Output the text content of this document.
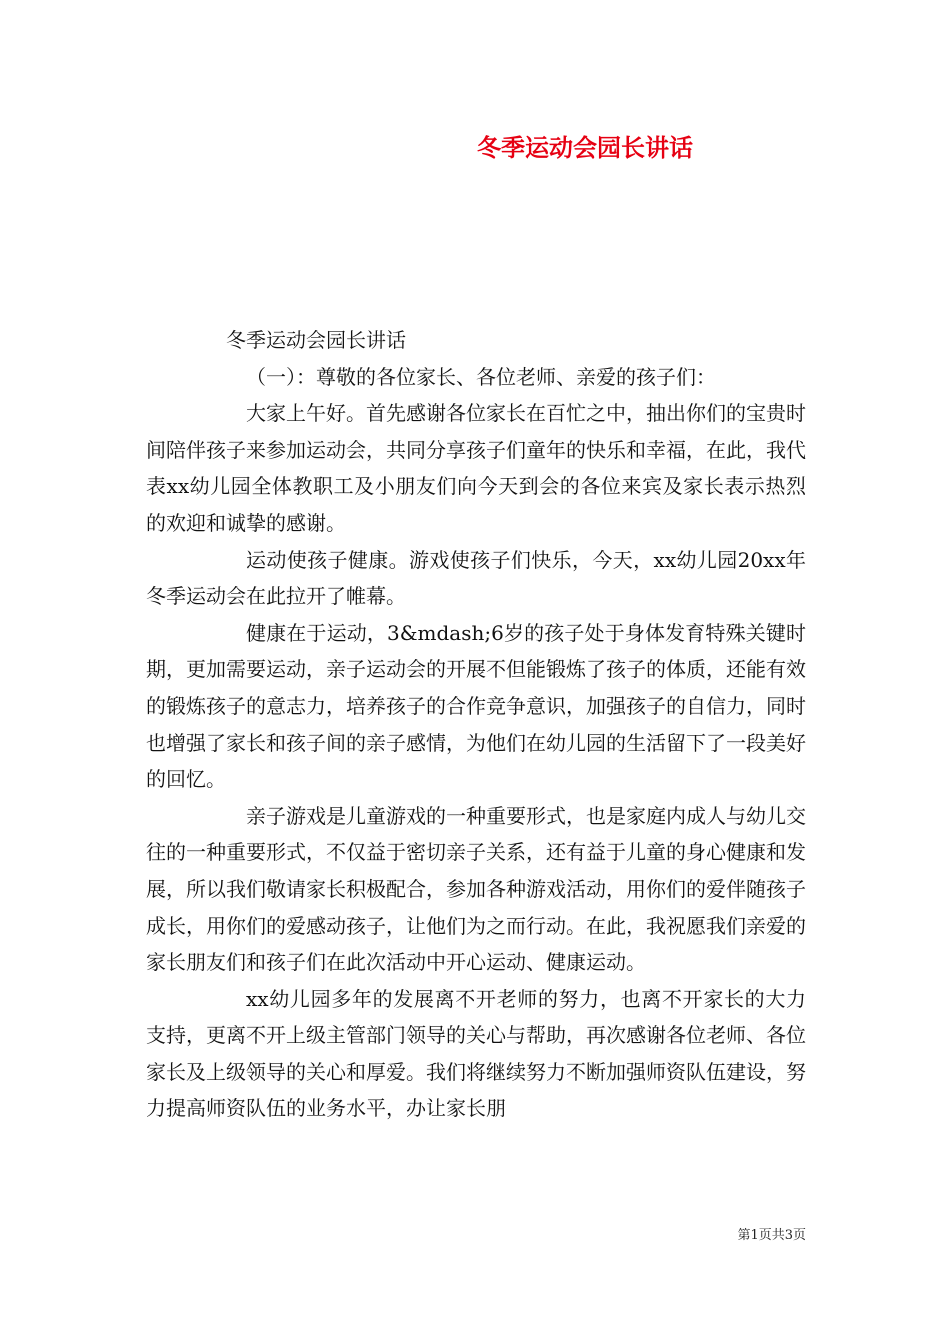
冬季运动会园长讲话

冬季运动会园长讲话

（一）：尊敬的各位家长、各位老师、亲爱的孩子们：

大家上午好。首先感谢各位家长在百忙之中，抽出你们的宝贵时间陪伴孩子来参加运动会，共同分享孩子们童年的快乐和幸福，在此，我代表xx幼儿园全体教职工及小朋友们向今天到会的各位来宾及家长表示热烈的欢迎和诚挚的感谢。

运动使孩子健康。游戏使孩子们快乐，今天，xx幼儿园20xx年冬季运动会在此拉开了帷幕。

健康在于运动，3&mdash;6岁的孩子处于身体发育特殊关键时期，更加需要运动，亲子运动会的开展不但能锻炼了孩子的体质，还能有效的锻炼孩子的意志力，培养孩子的合作竞争意识，加强孩子的自信力，同时也增强了家长和孩子间的亲子感情，为他们在幼儿园的生活留下了一段美好的回忆。

亲子游戏是儿童游戏的一种重要形式，也是家庭内成人与幼儿交往的一种重要形式，不仅益于密切亲子关系，还有益于儿童的身心健康和发展，所以我们敬请家长积极配合，参加各种游戏活动，用你们的爱伴随孩子成长，用你们的爱感动孩子，让他们为之而行动。在此，我祝愿我们亲爱的家长朋友们和孩子们在此次活动中开心运动、健康运动。

xx幼儿园多年的发展离不开老师的努力，也离不开家长的大力支持，更离不开上级主管部门领导的关心与帮助，再次感谢各位老师、各位家长及上级领导的关心和厚爱。我们将继续努力不断加强师资队伍建设，努力提高师资队伍的业务水平，办让家长朋

第1页共3页
